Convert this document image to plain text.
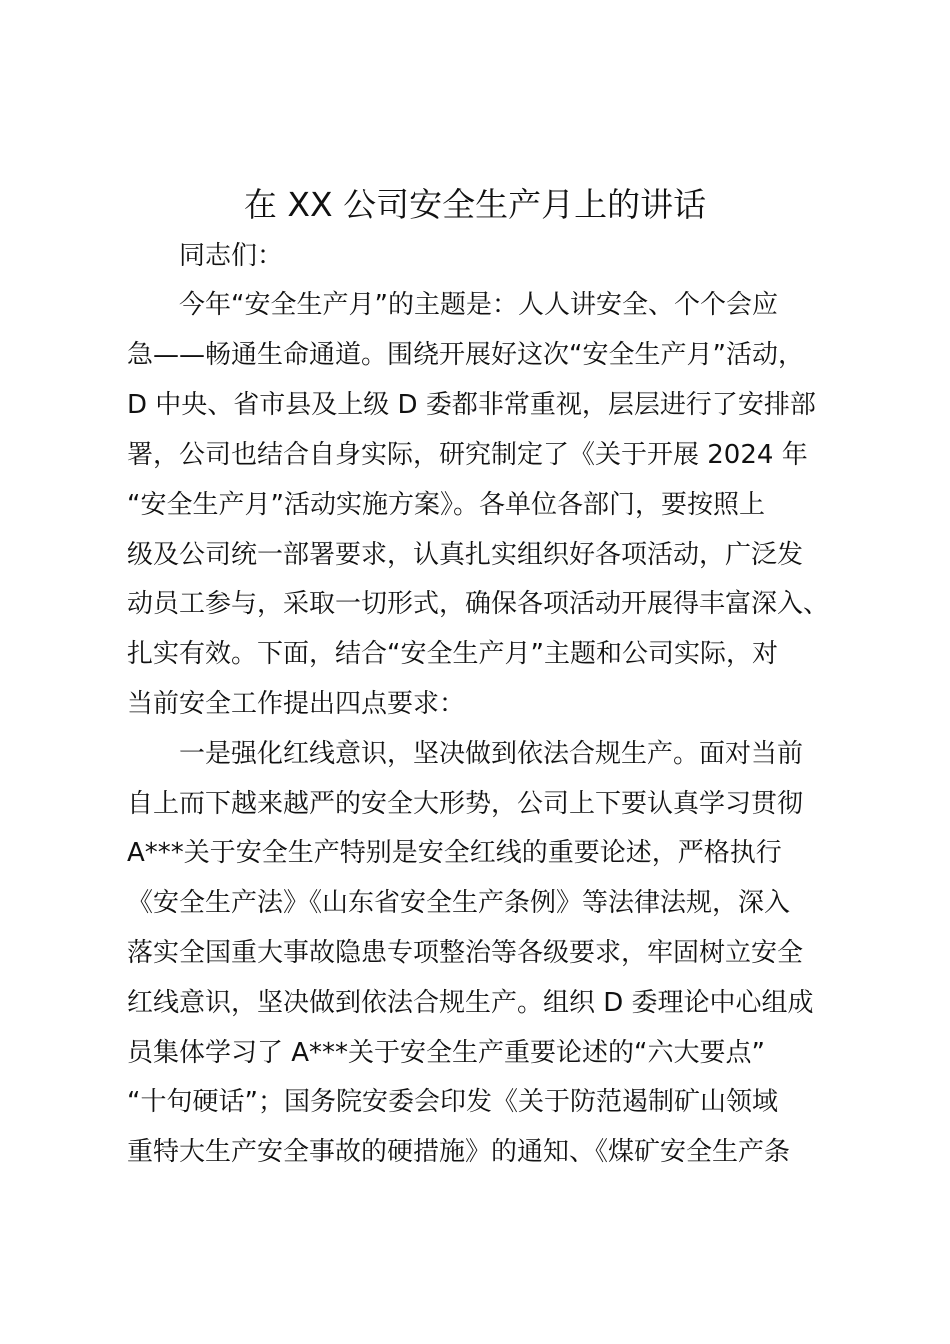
在 XX 公司安全生产月上的讲话
同志们：
今年“安全生产月”的主题是：人人讲安全、个个会应
急——畅通生命通道。围绕开展好这次“安全生产月”活动，
D 中央、省市县及上级 D 委都非常重视，层层进行了安排部
署，公司也结合自身实际，研究制定了《关于开展 2024 年
“安全生产月”活动实施方案》。各单位各部门，要按照上
级及公司统一部署要求，认真扎实组织好各项活动，广泛发
动员工参与，采取一切形式，确保各项活动开展得丰富深入、
扎实有效。下面，结合“安全生产月”主题和公司实际，对
当前安全工作提出四点要求：
一是强化红线意识，坚决做到依法合规生产。面对当前
自上而下越来越严的安全大形势，公司上下要认真学习贯彻
A***关于安全生产特别是安全红线的重要论述，严格执行
《安全生产法》《山东省安全生产条例》等法律法规，深入
落实全国重大事故隐患专项整治等各级要求，牢固树立安全
红线意识，坚决做到依法合规生产。组织 D 委理论中心组成
员集体学习了 A***关于安全生产重要论述的“六大要点”
“十句硬话”；国务院安委会印发《关于防范遏制矿山领域
重特大生产安全事故的硬措施》的通知、《煤矿安全生产条
